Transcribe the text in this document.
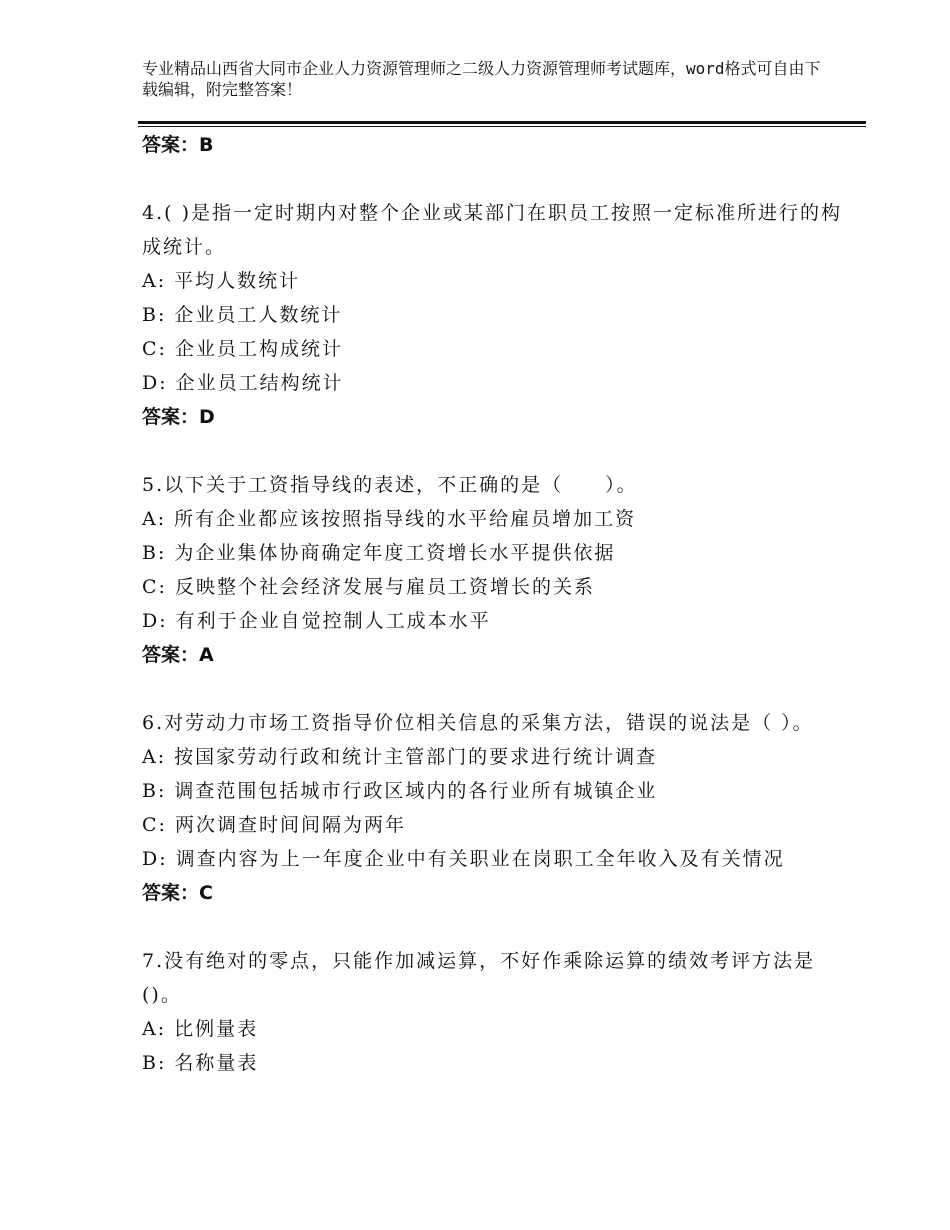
专业精品山西省大同市企业人力资源管理师之二级人力资源管理师考试题库，word格式可自由下载编辑，附完整答案！
答案：B
4.( )是指一定时期内对整个企业或某部门在职员工按照一定标准所进行的构成统计。
A: 平均人数统计
B: 企业员工人数统计
C: 企业员工构成统计
D: 企业员工结构统计
答案：D
5.以下关于工资指导线的表述，不正确的是（　　）。
A: 所有企业都应该按照指导线的水平给雇员增加工资
B: 为企业集体协商确定年度工资增长水平提供依据
C: 反映整个社会经济发展与雇员工资增长的关系
D: 有利于企业自觉控制人工成本水平
答案：A
6.对劳动力市场工资指导价位相关信息的采集方法，错误的说法是（ ）。
A: 按国家劳动行政和统计主管部门的要求进行统计调查
B: 调查范围包括城市行政区域内的各行业所有城镇企业
C: 两次调查时间间隔为两年
D: 调查内容为上一年度企业中有关职业在岗职工全年收入及有关情况
答案：C
7.没有绝对的零点，只能作加减运算，不好作乘除运算的绩效考评方法是()。
A: 比例量表
B: 名称量表
